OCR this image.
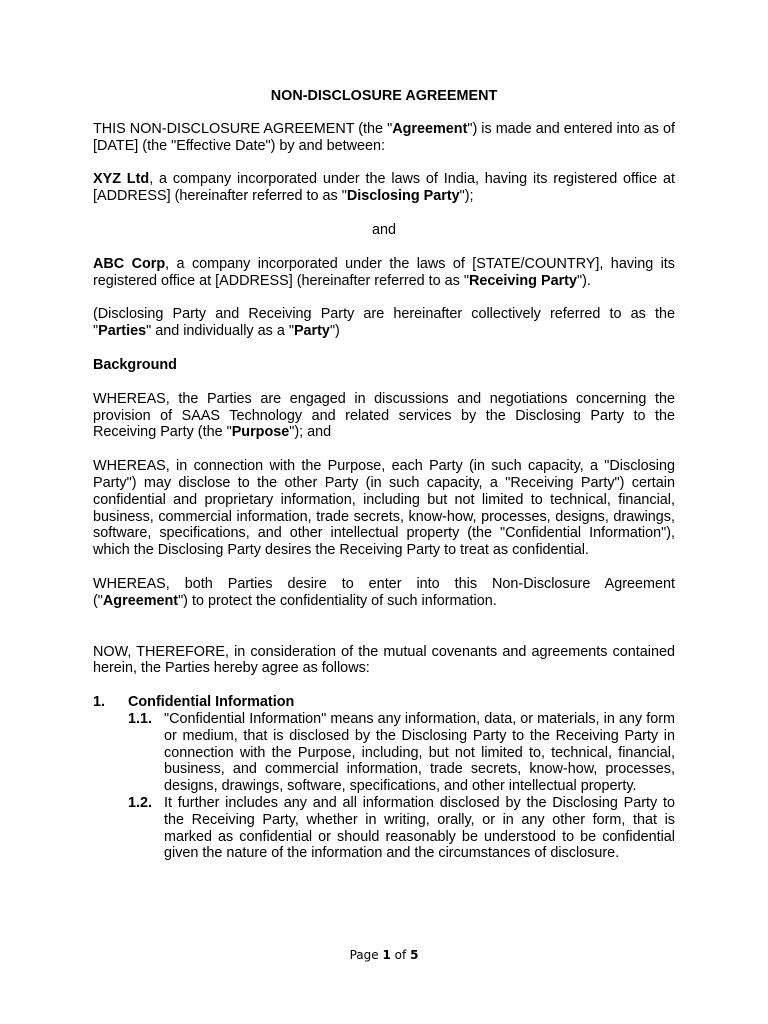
NON-DISCLOSURE AGREEMENT

THIS NON-DISCLOSURE AGREEMENT (the "Agreement") is made and entered into as of [DATE] (the "Effective Date") by and between:

XYZ Ltd, a company incorporated under the laws of India, having its registered office at [ADDRESS] (hereinafter referred to as "Disclosing Party");

and

ABC Corp, a company incorporated under the laws of [STATE/COUNTRY], having its registered office at [ADDRESS] (hereinafter referred to as "Receiving Party").

(Disclosing Party and Receiving Party are hereinafter collectively referred to as the "Parties" and individually as a "Party")

Background

WHEREAS, the Parties are engaged in discussions and negotiations concerning the provision of SAAS Technology and related services by the Disclosing Party to the Receiving Party (the "Purpose"); and

WHEREAS, in connection with the Purpose, each Party (in such capacity, a "Disclosing Party") may disclose to the other Party (in such capacity, a "Receiving Party") certain confidential and proprietary information, including but not limited to technical, financial, business, commercial information, trade secrets, know-how, processes, designs, drawings, software, specifications, and other intellectual property (the "Confidential Information"), which the Disclosing Party desires the Receiving Party to treat as confidential.

WHEREAS, both Parties desire to enter into this Non-Disclosure Agreement ("Agreement") to protect the confidentiality of such information.

NOW, THEREFORE, in consideration of the mutual covenants and agreements contained herein, the Parties hereby agree as follows:

1.	Confidential Information
1.1. "Confidential Information" means any information, data, or materials, in any form or medium, that is disclosed by the Disclosing Party to the Receiving Party in connection with the Purpose, including, but not limited to, technical, financial, business, and commercial information, trade secrets, know-how, processes, designs, drawings, software, specifications, and other intellectual property.
1.2. It further includes any and all information disclosed by the Disclosing Party to the Receiving Party, whether in writing, orally, or in any other form, that is marked as confidential or should reasonably be understood to be confidential given the nature of the information and the circumstances of disclosure.
Page 1 of 5
